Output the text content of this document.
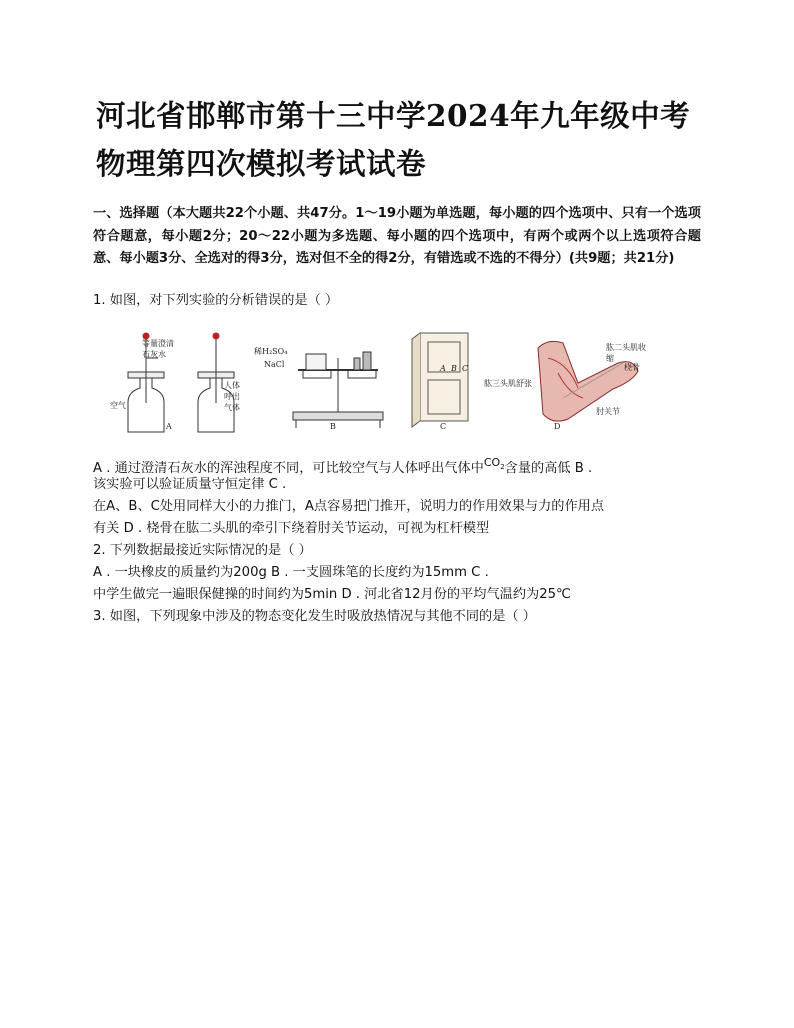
河北省邯郸市第十三中学2024年九年级中考
物理第四次模拟考试试卷

一、选择题（本大题共22个小题、共47分。1～19小题为单选题，每小题的四个选项中、只有一个选项符合题意，每小题2分；20～22小题为多选题、每小题的四个选项中，有两个或两个以上选项符合题意、每小题3分、全选对的得3分，选对但不全的得2分，有错选或不选的不得分）(共9题；共21分)

1. 如图，对下列实验的分析错误的是（ ）

等量澄清石灰水
空气
人体呼出气体
稀H₂SO₄
NaCl
肱二头肌收缩
肱三头肌舒张
桡骨
肘关节
A	B	C	D
A B C

A . 通过澄清石灰水的浑浊程度不同，可比较空气与人体呼出气体中$^{CO_2}$含量的高低 B .

该实验可以验证质量守恒定律 C .

在A、B、C处用同样大小的力推门，A点容易把门推开，说明力的作用效果与力的作用点

有关 D . 桡骨在肱二头肌的牵引下绕着肘关节运动，可视为杠杆模型

2. 下列数据最接近实际情况的是（ ）

A . 一块橡皮的质量约为200g B . 一支圆珠笔的长度约为15mm C .

中学生做完一遍眼保健操的时间约为5min D . 河北省12月份的平均气温约为25℃

3. 如图，下列现象中涉及的物态变化发生时吸放热情况与其他不同的是（ ）
